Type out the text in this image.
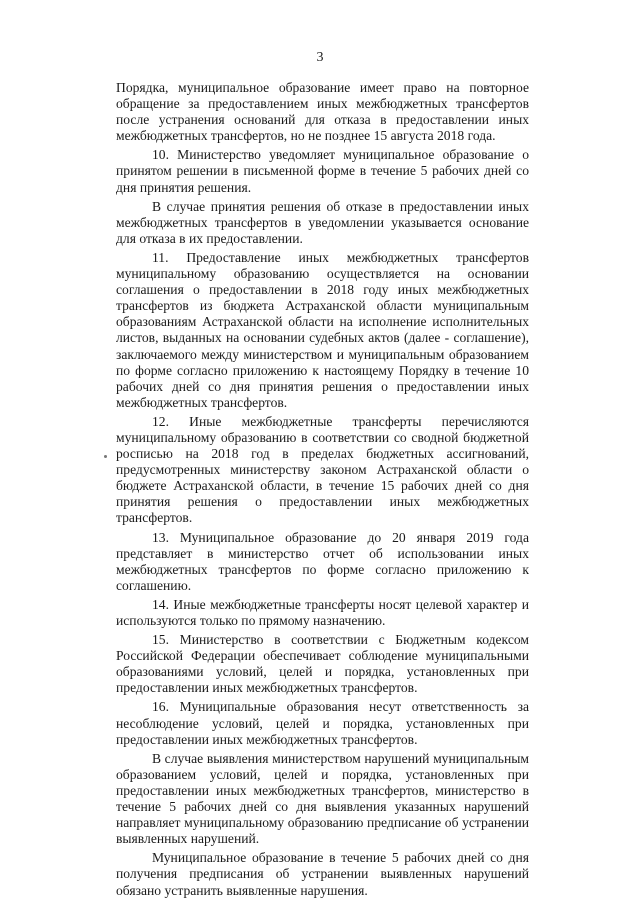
3

Порядка, муниципальное образование имеет право на повторное обращение за предоставлением иных межбюджетных трансфертов после устранения оснований для отказа в предоставлении иных межбюджетных трансфертов, но не позднее 15 августа 2018 года.

10. Министерство уведомляет муниципальное образование о принятом решении в письменной форме в течение 5 рабочих дней со дня принятия решения.

В случае принятия решения об отказе в предоставлении иных межбюджетных трансфертов в уведомлении указывается основание для отказа в их предоставлении.

11. Предоставление иных межбюджетных трансфертов муниципальному образованию осуществляется на основании соглашения о предоставлении в 2018 году иных межбюджетных трансфертов из бюджета Астраханской области муниципальным образованиям Астраханской области на исполнение исполнительных листов, выданных на основании судебных актов (далее - соглашение), заключаемого между министерством и муниципальным образованием по форме согласно приложению к настоящему Порядку в течение 10 рабочих дней со дня принятия решения о предоставлении иных межбюджетных трансфертов.

12. Иные межбюджетные трансферты перечисляются муниципальному образованию в соответствии со сводной бюджетной росписью на 2018 год в пределах бюджетных ассигнований, предусмотренных министерству законом Астраханской области о бюджете Астраханской области, в течение 15 рабочих дней со дня принятия решения о предоставлении иных межбюджетных трансфертов.

13. Муниципальное образование до 20 января 2019 года представляет в министерство отчет об использовании иных межбюджетных трансфертов по форме согласно приложению к соглашению.

14. Иные межбюджетные трансферты носят целевой характер и используются только по прямому назначению.

15. Министерство в соответствии с Бюджетным кодексом Российской Федерации обеспечивает соблюдение муниципальными образованиями условий, целей и порядка, установленных при предоставлении иных межбюджетных трансфертов.

16. Муниципальные образования несут ответственность за несоблюдение условий, целей и порядка, установленных при предоставлении иных межбюджетных трансфертов.

В случае выявления министерством нарушений муниципальным образованием условий, целей и порядка, установленных при предоставлении иных межбюджетных трансфертов, министерство в течение 5 рабочих дней со дня выявления указанных нарушений направляет муниципальному образованию предписание об устранении выявленных нарушений.

Муниципальное образование в течение 5 рабочих дней со дня получения предписания об устранении выявленных нарушений обязано устранить выявленные нарушения.
